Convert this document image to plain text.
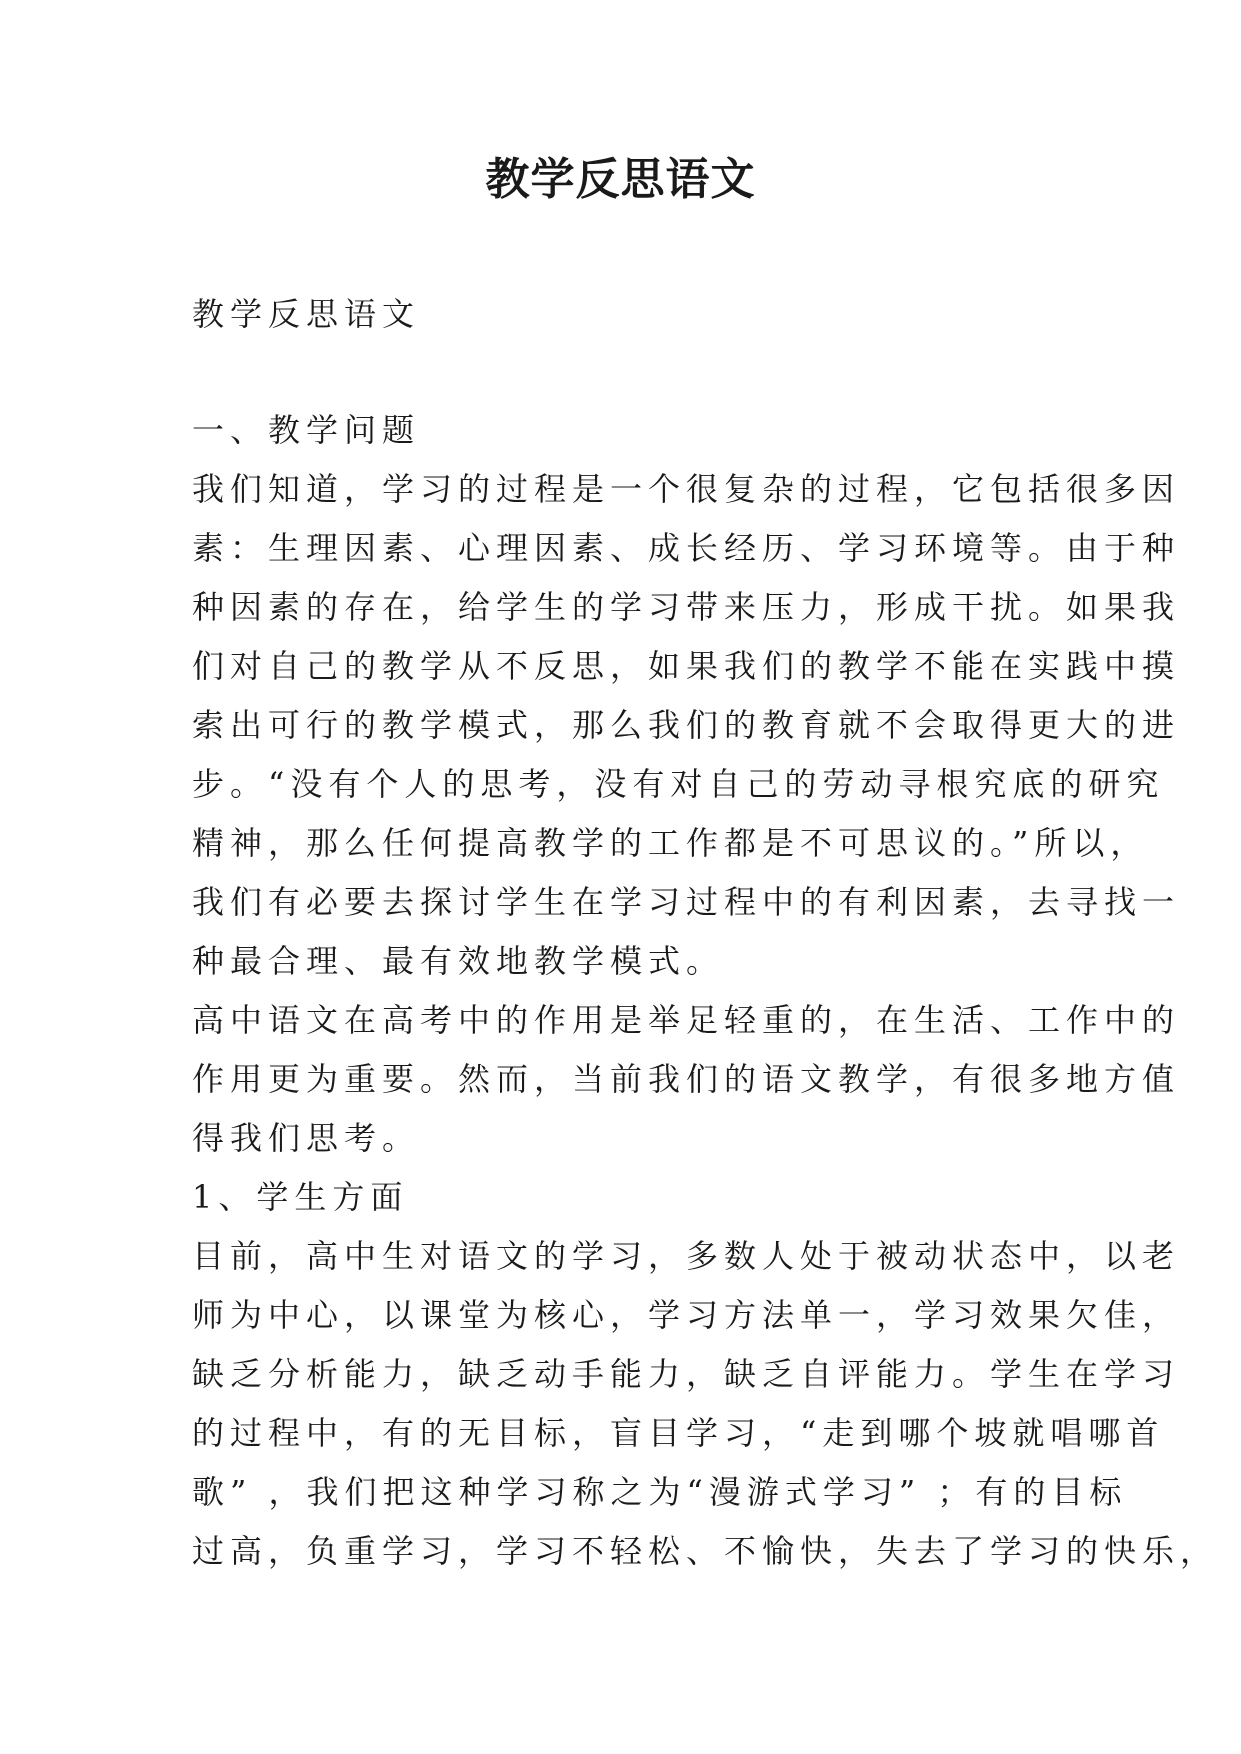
教学反思语文
教学反思语文
一、教学问题
我们知道，学习的过程是一个很复杂的过程，它包括很多因
素：生理因素、心理因素、成长经历、学习环境等。由于种
种因素的存在，给学生的学习带来压力，形成干扰。如果我
们对自己的教学从不反思，如果我们的教学不能在实践中摸
索出可行的教学模式，那么我们的教育就不会取得更大的进
步。“没有个人的思考，没有对自己的劳动寻根究底的研究
精神，那么任何提高教学的工作都是不可思议的。”所以，
我们有必要去探讨学生在学习过程中的有利因素，去寻找一
种最合理、最有效地教学模式。
高中语文在高考中的作用是举足轻重的，在生活、工作中的
作用更为重要。然而，当前我们的语文教学，有很多地方值
得我们思考。
1、学生方面
目前，高中生对语文的学习，多数人处于被动状态中，以老
师为中心，以课堂为核心，学习方法单一，学习效果欠佳，
缺乏分析能力，缺乏动手能力，缺乏自评能力。学生在学习
的过程中，有的无目标，盲目学习，“走到哪个坡就唱哪首
歌” ，我们把这种学习称之为“漫游式学习” ；有的目标
过高，负重学习，学习不轻松、不愉快，失去了学习的快乐，
